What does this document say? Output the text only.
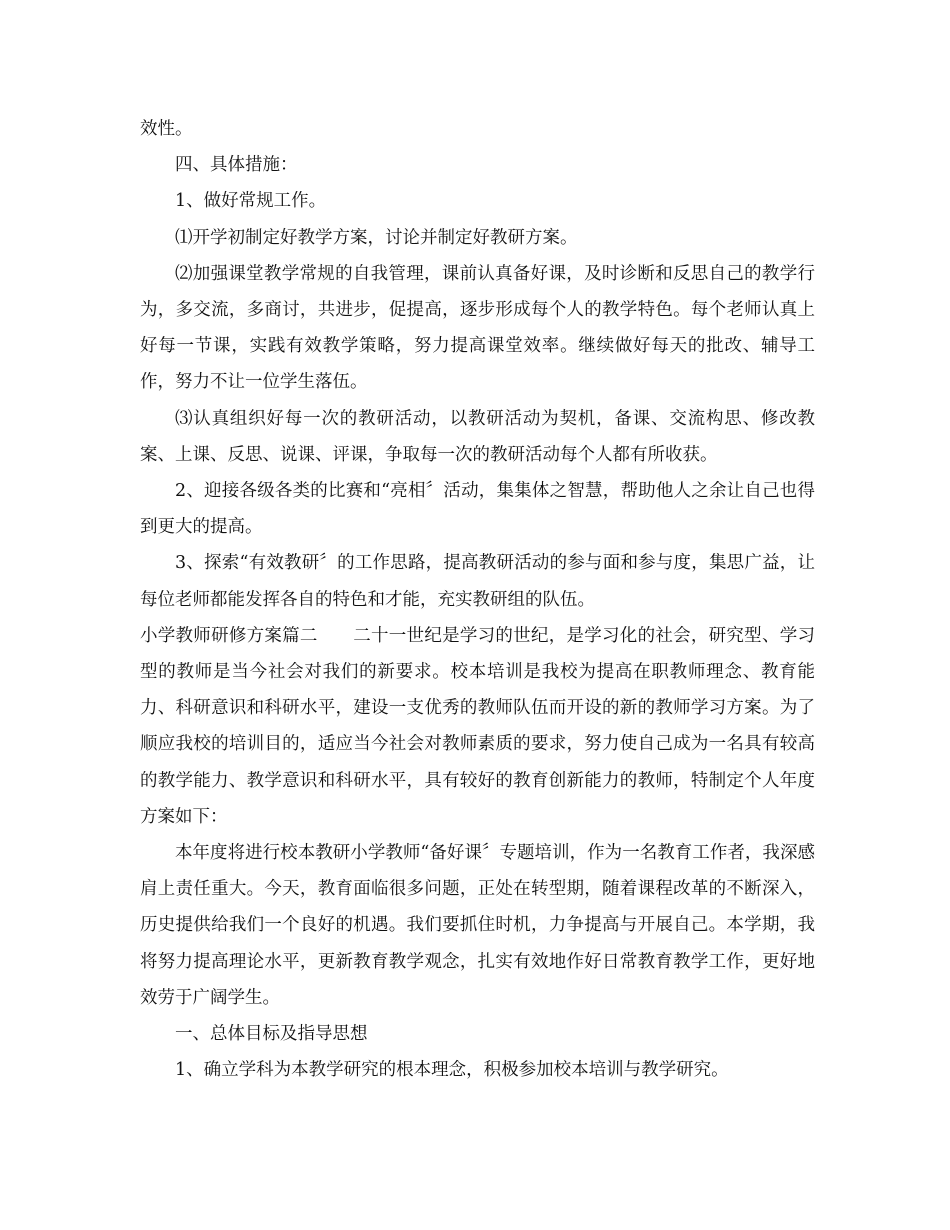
效性。

四、具体措施：

1、做好常规工作。

⑴开学初制定好教学方案，讨论并制定好教研方案。

⑵加强课堂教学常规的自我管理，课前认真备好课，及时诊断和反思自己的教学行为，多交流，多商讨，共进步，促提高，逐步形成每个人的教学特色。每个老师认真上好每一节课，实践有效教学策略，努力提高课堂效率。继续做好每天的批改、辅导工作，努力不让一位学生落伍。

⑶认真组织好每一次的教研活动，以教研活动为契机，备课、交流构思、修改教案、上课、反思、说课、评课，争取每一次的教研活动每个人都有所收获。

2、迎接各级各类的比赛和“亮相〞活动，集集体之智慧，帮助他人之余让自己也得到更大的提高。

3、探索“有效教研〞的工作思路，提高教研活动的参与面和参与度，集思广益，让每位老师都能发挥各自的特色和才能，充实教研组的队伍。

小学教师研修方案篇二　　二十一世纪是学习的世纪，是学习化的社会，研究型、学习型的教师是当今社会对我们的新要求。校本培训是我校为提高在职教师理念、教育能力、科研意识和科研水平，建设一支优秀的教师队伍而开设的新的教师学习方案。为了顺应我校的培训目的，适应当今社会对教师素质的要求，努力使自己成为一名具有较高的教学能力、教学意识和科研水平，具有较好的教育创新能力的教师，特制定个人年度方案如下：

本年度将进行校本教研小学教师“备好课〞专题培训，作为一名教育工作者，我深感肩上责任重大。今天，教育面临很多问题，正处在转型期，随着课程改革的不断深入，历史提供给我们一个良好的机遇。我们要抓住时机，力争提高与开展自己。本学期，我将努力提高理论水平，更新教育教学观念，扎实有效地作好日常教育教学工作，更好地效劳于广阔学生。

一、总体目标及指导思想

1、确立学科为本教学研究的根本理念，积极参加校本培训与教学研究。
